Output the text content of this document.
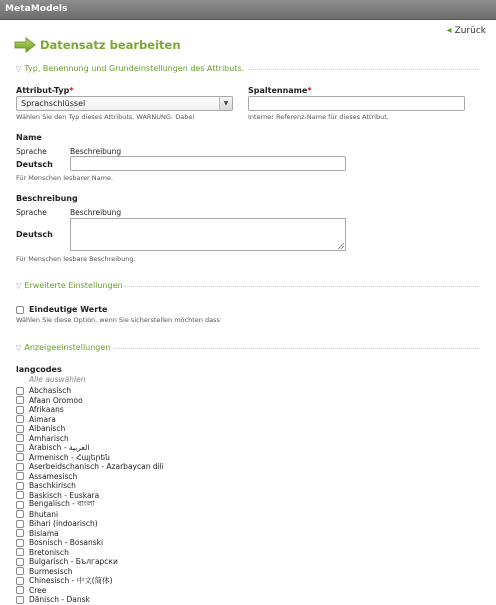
MetaModels
◂ Zurück
Datensatz bearbeiten
▽ Typ, Benennung und Grundeinstellungen des Attributs.
Attribut-Typ*
Sprachschlüssel	▼
Wählen Sie den Typ dieses Attributs. WARNUNG: Dabei
Spaltenname*
Interner Referenz-Name für dieses Attribut.
Name
Sprache	Beschreibung
Deutsch
Für Menschen lesbarer Name.
Beschreibung
Sprache	Beschreibung
Deutsch
Für Menschen lesbare Beschreibung.
▽ Erweiterte Einstellungen
Eindeutige Werte
Wählen Sie diese Option, wenn Sie sicherstellen möchten dass
▽ Anzeigeeinstellungen
langcodes
Alle auswählen
Abchasisch
Afaan Oromoo
Afrikaans
Aimara
Albanisch
Amharisch
Arabisch - العربية
Armenisch - Հայերեն
Aserbeidschanisch - Azarbaycan dili
Assamesisch
Baschkirisch
Baskisch - Euskara
Bengalisch - বাংলা
Bhutani
Bihari (indoarisch)
Bislama
Bosnisch - Bosanski
Bretonisch
Bulgarisch - Български
Burmesisch
Chinesisch - 中文(简体)
Cree
Dänisch - Dansk
